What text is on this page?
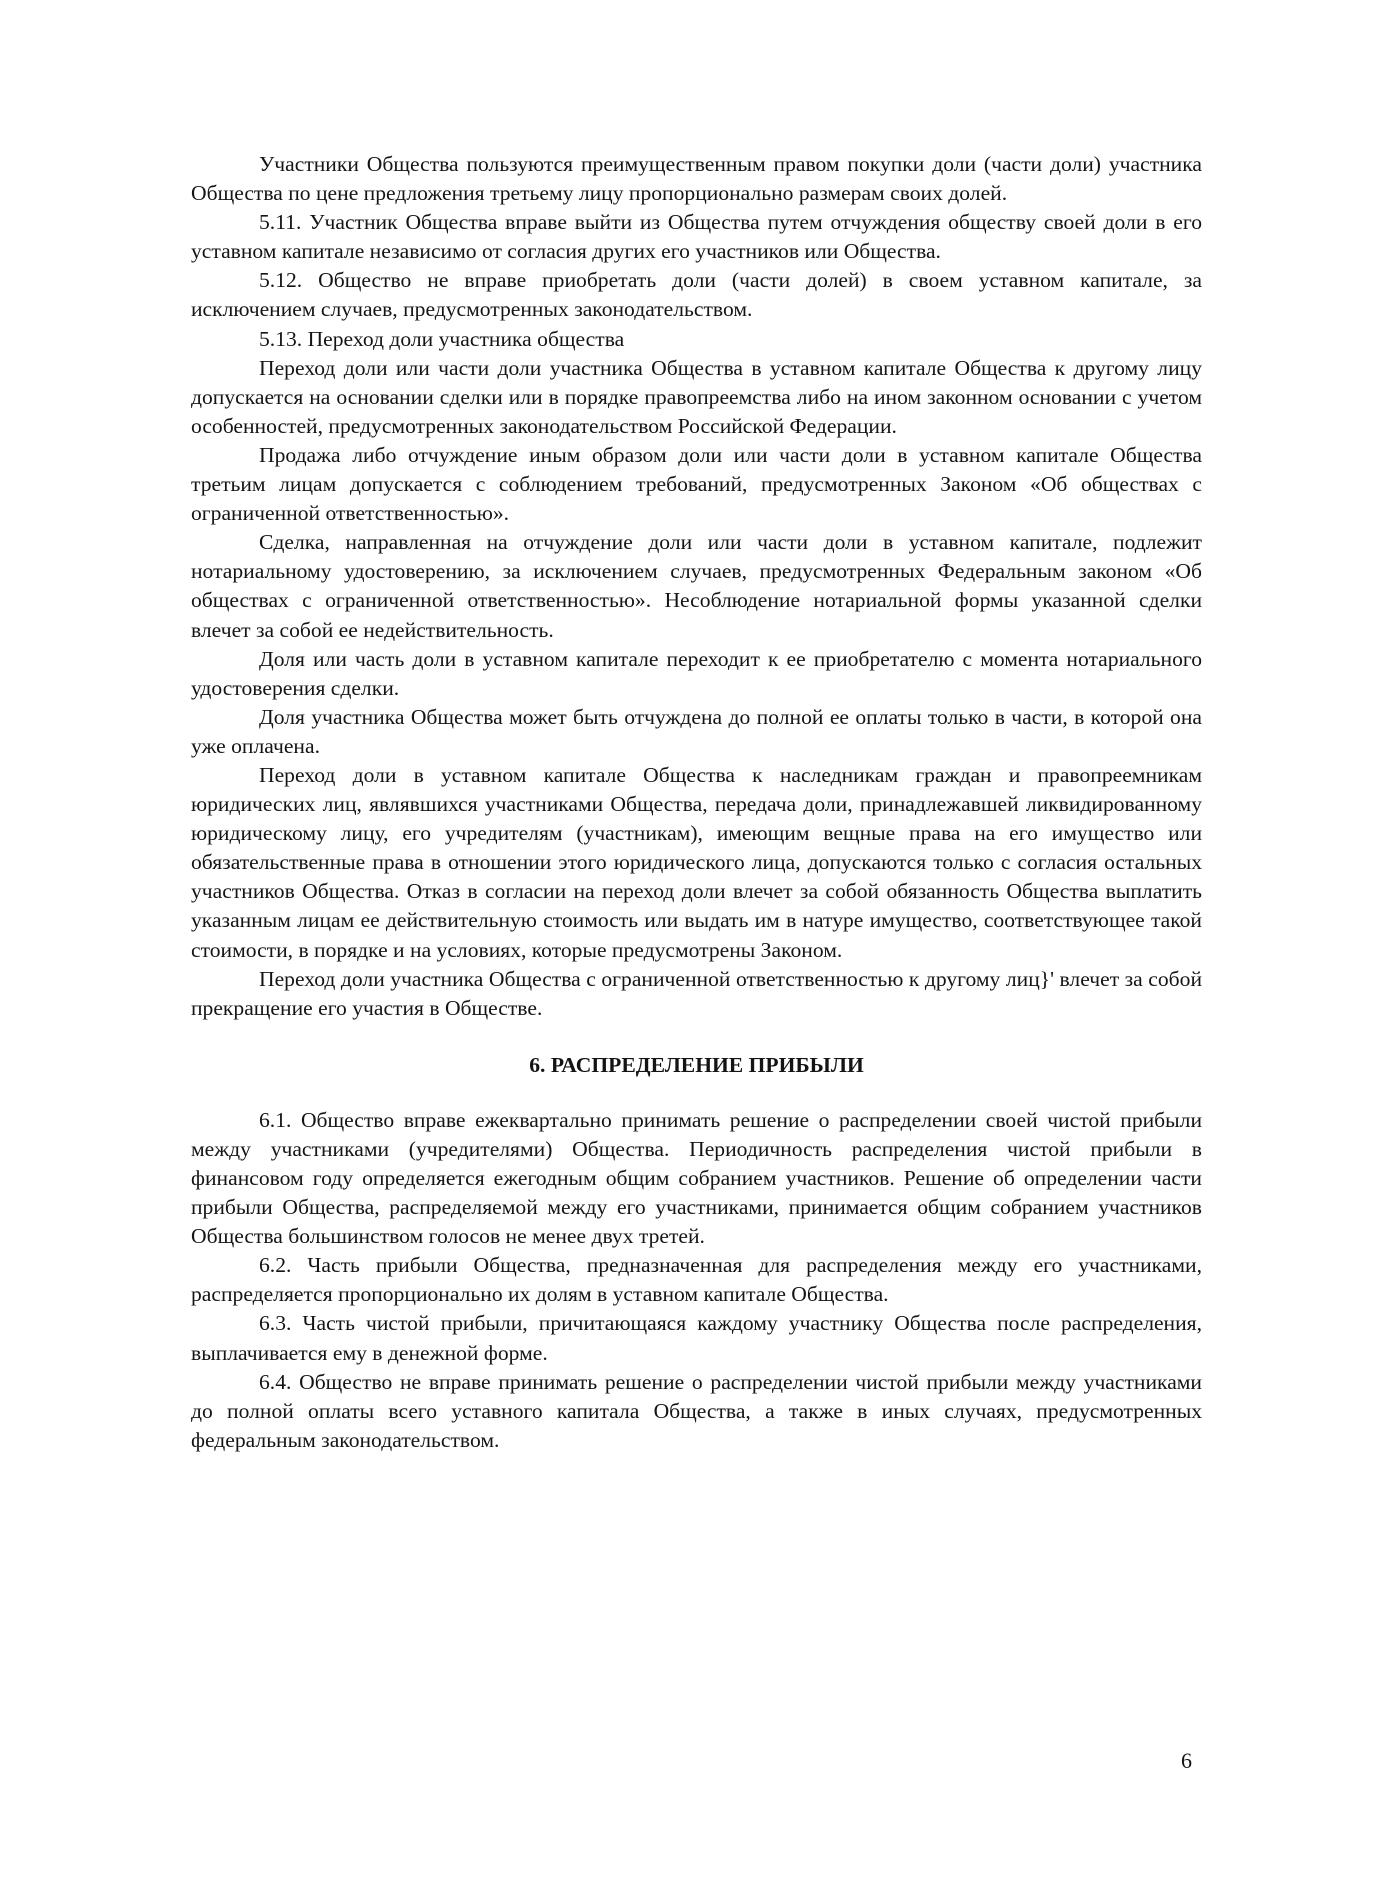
Участники Общества пользуются преимущественным правом покупки доли (части доли) участника Общества по цене предложения третьему лицу пропорционально размерам своих долей.

5.11. Участник Общества вправе выйти из Общества путем отчуждения обществу своей доли в его уставном капитале независимо от согласия других его участников или Общества.

5.12. Общество не вправе приобретать доли (части долей) в своем уставном капитале, за исключением случаев, предусмотренных законодательством.

5.13. Переход доли участника общества

Переход доли или части доли участника Общества в уставном капитале Общества к другому лицу допускается на основании сделки или в порядке правопреемства либо на ином законном основании с учетом особенностей, предусмотренных законодательством Российской Федерации.

Продажа либо отчуждение иным образом доли или части доли в уставном капитале Общества третьим лицам допускается с соблюдением требований, предусмотренных Законом «Об обществах с ограниченной ответственностью».

Сделка, направленная на отчуждение доли или части доли в уставном капитале, подлежит нотариальному удостоверению, за исключением случаев, предусмотренных Федеральным законом «Об обществах с ограниченной ответственностью». Несоблюдение нотариальной формы указанной сделки влечет за собой ее недействительность.

Доля или часть доли в уставном капитале переходит к ее приобретателю с момента нотариального удостоверения сделки.

Доля участника Общества может быть отчуждена до полной ее оплаты только в части, в которой она уже оплачена.

Переход доли в уставном капитале Общества к наследникам граждан и правопреемникам юридических лиц, являвшихся участниками Общества, передача доли, принадлежавшей ликвидированному юридическому лицу, его учредителям (участникам), имеющим вещные права на его имущество или обязательственные права в отношении этого юридического лица, допускаются только с согласия остальных участников Общества. Отказ в согласии на переход доли влечет за собой обязанность Общества выплатить указанным лицам ее действительную стоимость или выдать им в натуре имущество, соответствующее такой стоимости, в порядке и на условиях, которые предусмотрены Законом.

Переход доли участника Общества с ограниченной ответственностью к другому лиц}' влечет за собой прекращение его участия в Обществе.

6. РАСПРЕДЕЛЕНИЕ ПРИБЫЛИ

6.1. Общество вправе ежеквартально принимать решение о распределении своей чистой прибыли между участниками (учредителями) Общества. Периодичность распределения чистой прибыли в финансовом году определяется ежегодным общим собранием участников. Решение об определении части прибыли Общества, распределяемой между его участниками, принимается общим собранием участников Общества большинством голосов не менее двух третей.

6.2. Часть прибыли Общества, предназначенная для распределения между его участниками, распределяется пропорционально их долям в уставном капитале Общества.

6.3. Часть чистой прибыли, причитающаяся каждому участнику Общества после распределения, выплачивается ему в денежной форме.

6.4. Общество не вправе принимать решение о распределении чистой прибыли между участниками до полной оплаты всего уставного капитала Общества, а также в иных случаях, предусмотренных федеральным законодательством.

6
